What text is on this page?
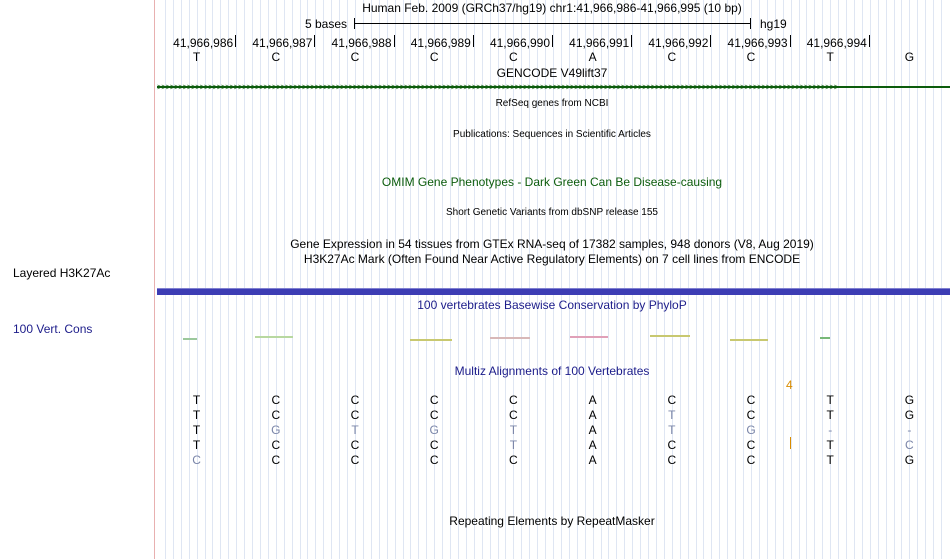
Layered H3K27Ac
100 Vert. Cons
Human Feb. 2009 (GRCh37/hg19) chr1:41,966,986-41,966,995 (10 bp)
5 bases	hg19
41,966,986 41,966,987 41,966,988 41,966,989 41,966,990 41,966,991 41,966,992 41,966,993 41,966,994
T	C	C	C	C	A	C	C	T	G
GENCODE V49lift37
>>>>>>>>>>>>>>>>>>>>>>>>>>>>>>>>>>>>>>>>>>>>>>>>>>>>>>>>>>>>>>>>>>>>>>>>>>>>>>>>>>>>>>>>>>>>>>>>>>>>>>>>>>>>>>>>>>>>>>>>>>>>>>>>>>>>>>>>>>>>>>>>>>>>>>>>>>>>>>>>
RefSeq genes from NCBI
Publications: Sequences in Scientific Articles
OMIM Gene Phenotypes - Dark Green Can Be Disease-causing
Short Genetic Variants from dbSNP release 155
Gene Expression in 54 tissues from GTEx RNA-seq of 17382 samples, 948 donors (V8, Aug 2019)
H3K27Ac Mark (Often Found Near Active Regulatory Elements) on 7 cell lines from ENCODE
100 vertebrates Basewise Conservation by PhyloP
Multiz Alignments of 100 Vertebrates
4
T	C	C	C	C	A	C	C	T	G
T	C	C	C	C	A	T	C	T	G
T	G	T	G	T	A	T	G	-	-
T	C	C	C	T	A	C	C	T	C
C	C	C	C	C	A	C	C	T	G
Repeating Elements by RepeatMasker
